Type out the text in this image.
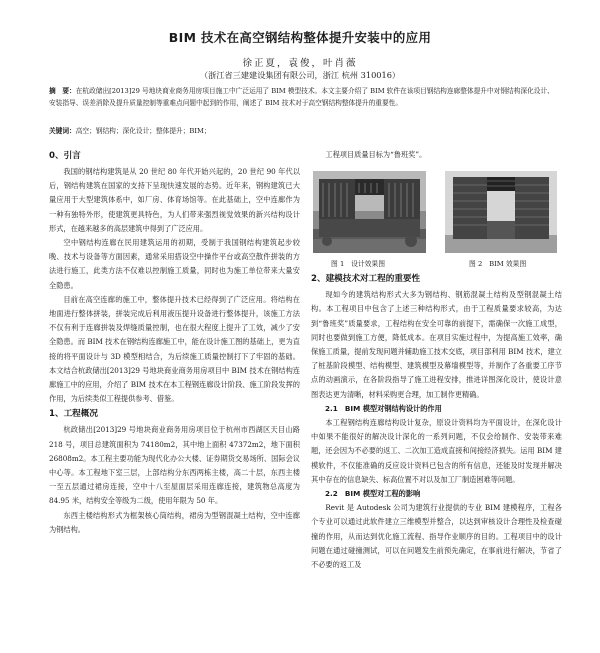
BIM 技术在高空钢结构整体提升安装中的应用
徐正夏，袁俊，叶肖薇
（浙江省三建建设集团有限公司，浙江 杭州 310016）
摘　要：在杭政储出[2013]29 号地块商业商务用房项目施工中广泛运用了 BIM 模型技术。本文主要介绍了 BIM 软件在该项目钢结构连廊整体提升中对钢结构深化设计、安装指导、误差消除及提升质量控制等重难点问题中起到的作用，阐述了 BIM 技术对于高空钢结构整体提升的重要性。
关键词：高空；钢结构；深化设计；整体提升；BIM；
0、引言

我国的钢结构建筑是从 20 世纪 80 年代开始兴起的，20 世纪 90 年代以后，钢结构建筑在国家的支持下呈现快速发展的态势。近年来，钢构建筑已大量应用于大型建筑体系中，如厂房、体育场馆等。在此基础上，空中连廊作为一种有独特外形，使建筑更具特色，为人们带来强烈视觉效果的新兴结构设计形式，在越来越多的高层建筑中得到了广泛应用。

空中钢结构连廊在民用建筑运用的初期，受制于我国钢结构建筑起步较晚、技术与设备等方面因素，通常采用搭设空中操作平台或高空散件拼装的方法进行施工，此类方法不仅难以控制施工质量，同时也为施工单位带来大量安全隐患。

目前在高空连廊的施工中，整体提升技术已经得到了广泛应用。将结构在地面进行整体拼装，拼装完成后利用液压提升设备进行整体提升，该施工方法不仅有利于连廊拼装及焊缝质量控制，也在很大程度上提升了工效，减少了安全隐患。而 BIM 技术在钢结构连廊施工中，能在设计施工图的基础上，更为直接的将平面设计与 3D 模型相结合，为后续施工质量控制打下了牢固的基础。本文结合杭政储出[2013]29 号地块商业商务用房项目中 BIM 技术在钢结构连廊施工中的应用，介绍了 BIM 技术在本工程钢连廊设计阶段、施工阶段发挥的作用，为后续类似工程提供参考、借鉴。

1、工程概况

杭政储出[2013]29 号地块商业商务用房项目位于杭州市西湖区天目山路 218 号，项目总建筑面积为 74180m2，其中地上面积 47372m2，地下面积 26808m2。本工程主要功能为现代化办公大楼、证券期货交易场所、国际会议中心等。本工程地下室三层，上部结构分东西两栋主楼，高二十层，东西主楼一至五层通过裙房连接，空中十八至屋面层采用连廊连接，建筑物总高度为 84.95 米，结构安全等级为二级，使用年限为 50 年。

东西主楼结构形式为框架核心筒结构，裙房为型钢混凝土结构，空中连廊为钢结构。

工程项目质量目标为“鲁班奖”。

图 1　设计效果图	图 2　BIM 效果图
2、建模技术对工程的重要性

现如今的建筑结构形式大多为钢结构、钢筋混凝土结构及型钢混凝土结构。本工程项目中包含了上述三种结构形式，由于工程质量要求较高，为达到“鲁班奖”质量要求，工程结构在安全可靠的前提下，需确保一次施工成型，同时也要做到施工方便，降低成本。在项目实施过程中，为提高施工效率，确保施工质量，提前发现问题并辅助施工技术交底，项目部利用 BIM 技术，建立了桩基阶段模型、结构模型、建筑模型及幕墙模型等，并制作了各重要工序节点的动画演示，在各阶段指导了施工进程安排，推进详图深化设计，使设计意图表达更为清晰，材料采购更合理，加工制作更精确。

2.1　BIM 模型对钢结构设计的作用

本工程钢结构连廊结构设计复杂，原设计资料均为平面设计，在深化设计中如果不能很好的解决设计深化的一系列问题，不仅会给制作、安装带来难题，还会因为不必要的返工、二次加工造成直接和间接经济损失。运用 BIM 建模软件，不仅能准确的反应设计资料已包含的所有信息，还能及时发现并解决其中存在的信息缺失、标高位置不对以及加工厂制造困难等问题。

2.2　BIM 模型对工程的影响

Revit 是 Autodesk 公司为建筑行业提供的专业 BIM 建模程序，工程各个专业可以通过此软件建立三维模型并整合，以达到审核设计合理性及检查碰撞的作用，从而达到优化施工流程、指导作业顺序的目的。工程项目中的设计问题在通过碰撞测试，可以在问题发生前预先确定，在事前进行解决，节省了不必要的返工及
